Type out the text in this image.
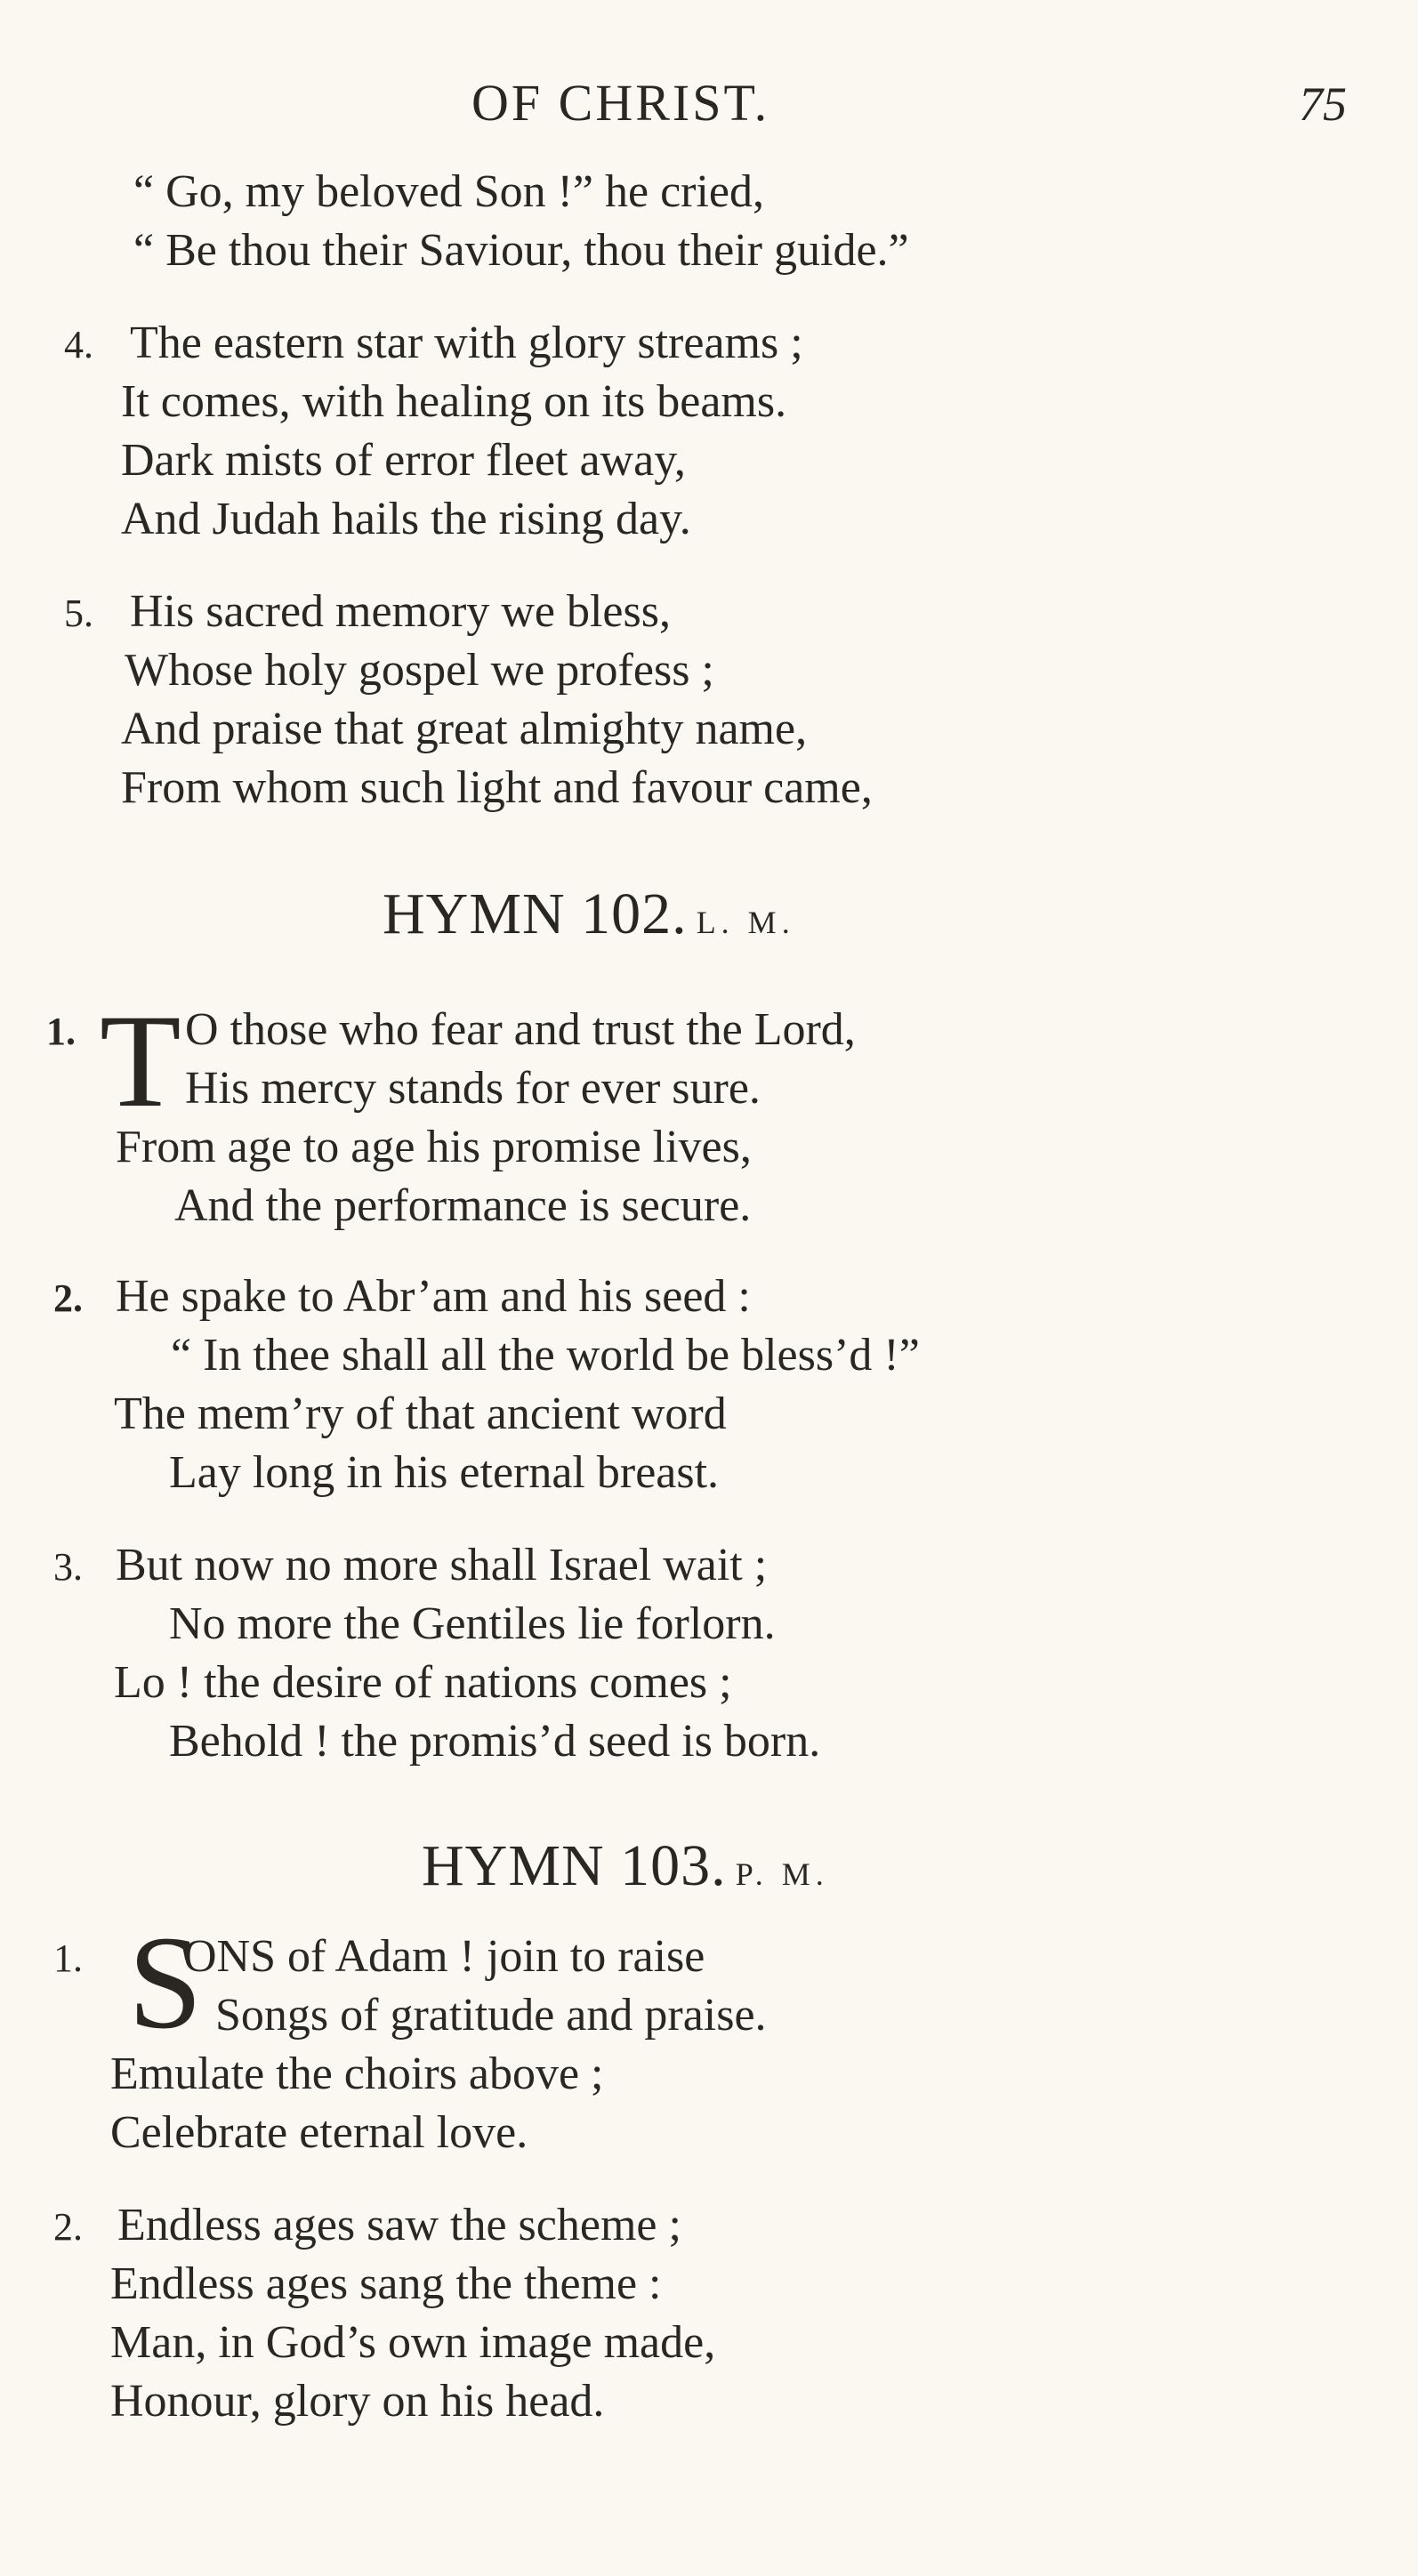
OF CHRIST.	75
“ Go, my beloved Son !” he cried,
“ Be thou their Saviour, thou their guide.”
4. The eastern star with glory streams ;
It comes, with healing on its beams.
Dark mists of error fleet away,
And Judah hails the rising day.
5. His sacred memory we bless,
Whose holy gospel we profess ;
And praise that great almighty name,
From whom such light and favour came,
HYMN 102. L. M.
1. T O those who fear and trust the Lord,
His mercy stands for ever sure.
From age to age his promise lives,
And the performance is secure.
2. He spake to Abr’am and his seed :
“ In thee shall all the world be bless’d !”
The mem’ry of that ancient word
Lay long in his eternal breast.
3. But now no more shall Israel wait ;
No more the Gentiles lie forlorn.
Lo ! the desire of nations comes ;
Behold ! the promis’d seed is born.
HYMN 103. P. M.
1. S
ONS of Adam ! join to raise
Songs of gratitude and praise.
Emulate the choirs above ;
Celebrate eternal love.
2. Endless ages saw the scheme ;
Endless ages sang the theme :
Man, in God’s own image made,
Honour, glory on his head.
